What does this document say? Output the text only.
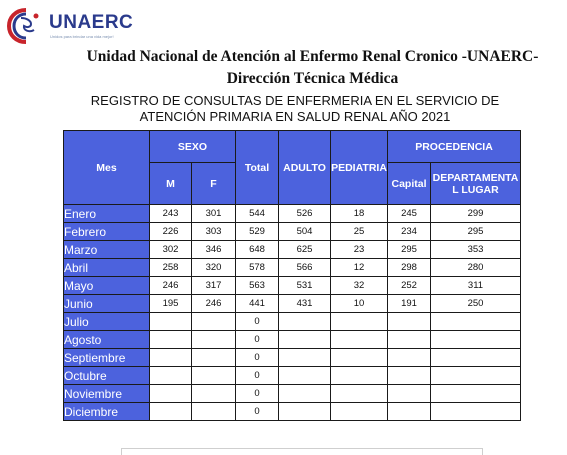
UNAERC
Unidos para brindar una vida mejor!
Unidad Nacional de Atención al Enfermo Renal Cronico -UNAERC-
Dirección Técnica Médica
REGISTRO DE CONSULTAS DE ENFERMERIA EN EL SERVICIO DE
ATENCIÓN PRIMARIA EN SALUD RENAL AÑO 2021
Mes	SEXO		Total	ADULTO	PEDIATRIA	PROCEDENCIA	
	M	F				Capital	DEPARTAMENTA
L LUGAR

Enero	243	301	544	526	18	245	299
Febrero	226	303	529	504	25	234	295
Marzo	302	346	648	625	23	295	353
Abril	258	320	578	566	12	298	280
Mayo	246	317	563	531	32	252	311
Junio	195	246	441	431	10	191	250
Julio			0				
Agosto			0				
Septiembre			0				
Octubre			0				
Noviembre			0				
Diciembre			0				
